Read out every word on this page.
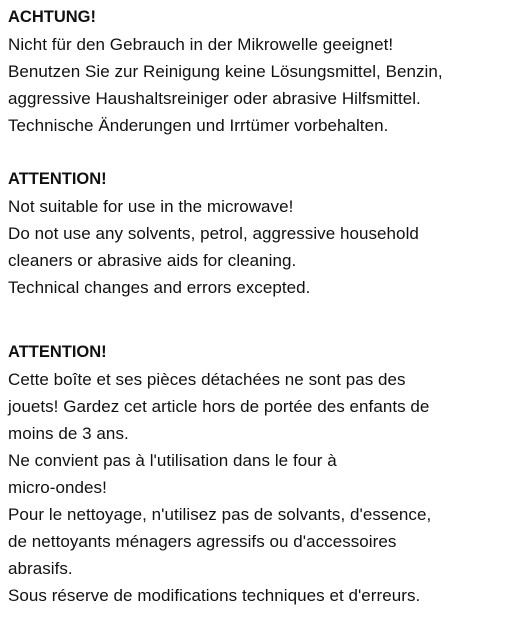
ACHTUNG!
Nicht für den Gebrauch in der Mikrowelle geeignet!
Benutzen Sie zur Reinigung keine Lösungsmittel, Benzin,
aggressive Haushaltsreiniger oder abrasive Hilfsmittel.
Technische Änderungen und Irrtümer vorbehalten.
ATTENTION!
Not suitable for use in the microwave!
Do not use any solvents, petrol, aggressive household
cleaners or abrasive aids for cleaning.
Technical changes and errors excepted.
ATTENTION!
Cette boîte et ses pièces détachées ne sont pas des
jouets! Gardez cet article hors de portée des enfants de
moins de 3 ans.
Ne convient pas à l'utilisation dans le four à
micro-ondes!
Pour le nettoyage, n'utilisez pas de solvants, d'essence,
de nettoyants ménagers agressifs ou d'accessoires
abrasifs.
Sous réserve de modifications techniques et d'erreurs.
